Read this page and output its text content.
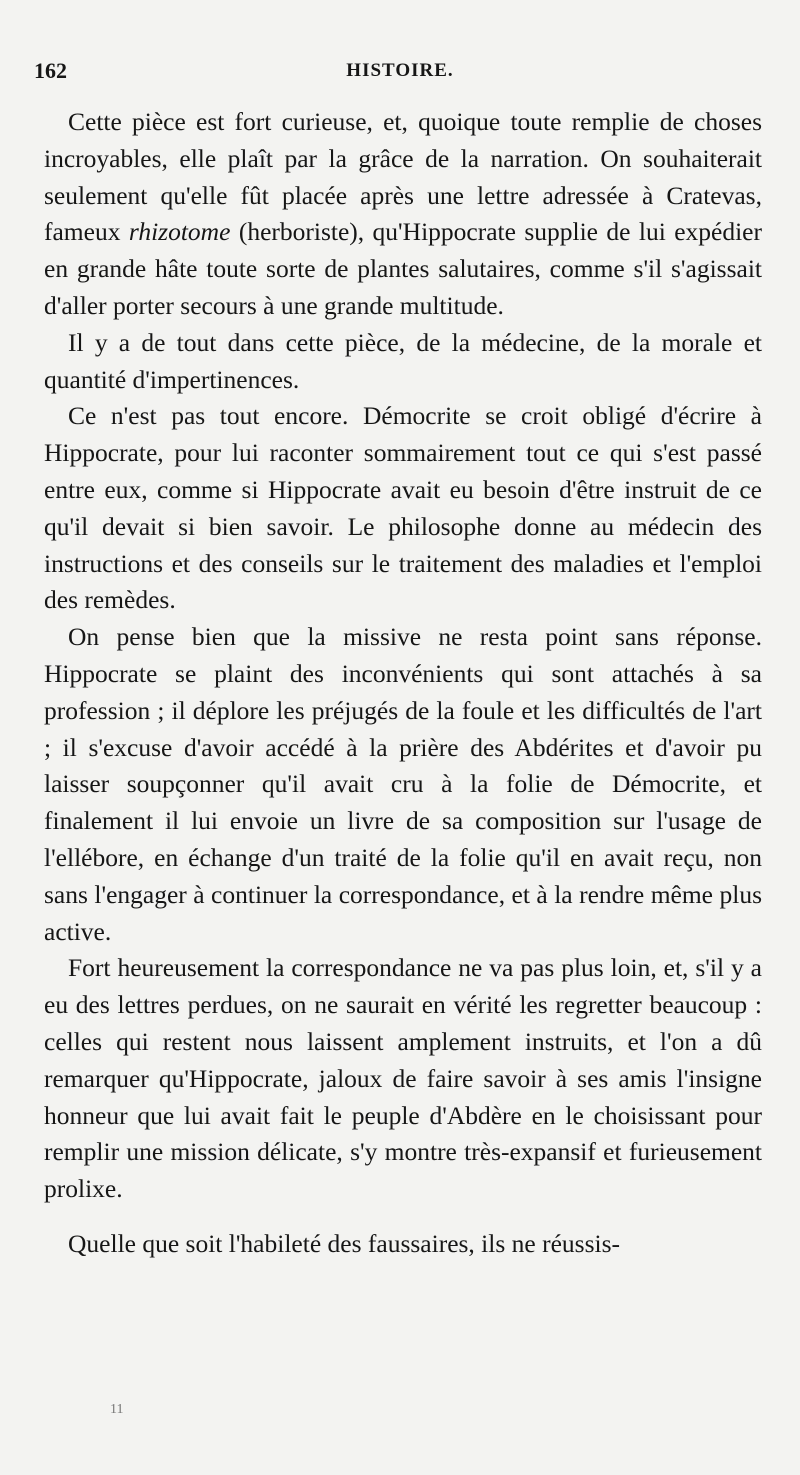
162	HISTOIRE.

Cette pièce est fort curieuse, et, quoique toute remplie de choses incroyables, elle plaît par la grâce de la narration. On souhaiterait seulement qu'elle fût placée après une lettre adressée à Cratevas, fameux rhizotome (herboriste), qu'Hippocrate supplie de lui expédier en grande hâte toute sorte de plantes salutaires, comme s'il s'agissait d'aller porter secours à une grande multitude.

Il y a de tout dans cette pièce, de la médecine, de la morale et quantité d'impertinences.

Ce n'est pas tout encore. Démocrite se croit obligé d'écrire à Hippocrate, pour lui raconter sommairement tout ce qui s'est passé entre eux, comme si Hippocrate avait eu besoin d'être instruit de ce qu'il devait si bien savoir. Le philosophe donne au médecin des instructions et des conseils sur le traitement des maladies et l'emploi des remèdes.

On pense bien que la missive ne resta point sans réponse. Hippocrate se plaint des inconvénients qui sont attachés à sa profession ; il déplore les préjugés de la foule et les difficultés de l'art ; il s'excuse d'avoir accédé à la prière des Abdérites et d'avoir pu laisser soupçonner qu'il avait cru à la folie de Démocrite, et finalement il lui envoie un livre de sa composition sur l'usage de l'ellébore, en échange d'un traité de la folie qu'il en avait reçu, non sans l'engager à continuer la correspondance, et à la rendre même plus active.

Fort heureusement la correspondance ne va pas plus loin, et, s'il y a eu des lettres perdues, on ne saurait en vérité les regretter beaucoup : celles qui restent nous laissent amplement instruits, et l'on a dû remarquer qu'Hippocrate, jaloux de faire savoir à ses amis l'insigne honneur que lui avait fait le peuple d'Abdère en le choisissant pour remplir une mission délicate, s'y montre très-expansif et furieusement prolixe.

Quelle que soit l'habileté des faussaires, ils ne réussis-

11
